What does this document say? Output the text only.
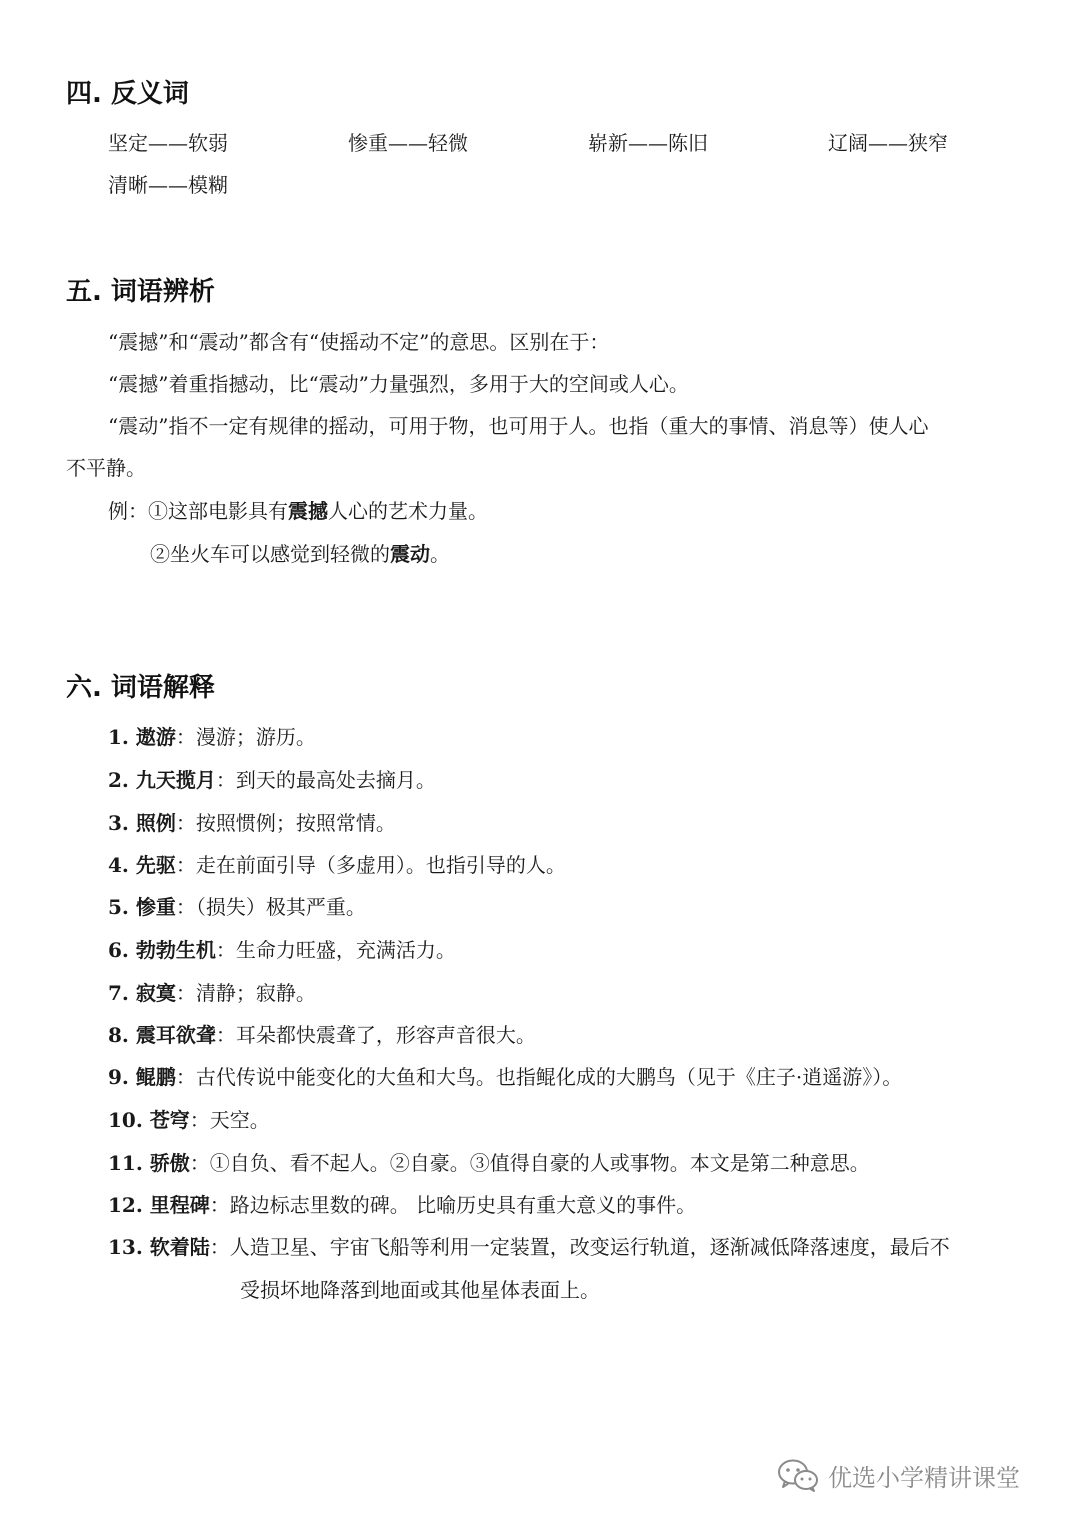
四. 反义词
坚定——软弱	惨重——轻微	崭新——陈旧	辽阔——狭窄
清晰——模糊
五. 词语辨析
“震撼”和“震动”都含有“使摇动不定”的意思。区别在于：
“震撼”着重指撼动，比“震动”力量强烈，多用于大的空间或人心。
“震动”指不一定有规律的摇动，可用于物，也可用于人。也指（重大的事情、消息等）使人心
不平静。
例：①这部电影具有震撼人心的艺术力量。
②坐火车可以感觉到轻微的震动。
六. 词语解释
1. 遨游：漫游；游历。
2. 九天揽月：到天的最高处去摘月。
3. 照例：按照惯例；按照常情。
4. 先驱：走在前面引导（多虚用）。也指引导的人。
5. 惨重：（损失）极其严重。
6. 勃勃生机：生命力旺盛，充满活力。
7. 寂寞：清静；寂静。
8. 震耳欲聋：耳朵都快震聋了，形容声音很大。
9. 鲲鹏：古代传说中能变化的大鱼和大鸟。也指鲲化成的大鹏鸟（见于《庄子·逍遥游》）。
10. 苍穹：天空。
11. 骄傲：①自负、看不起人。②自豪。③值得自豪的人或事物。本文是第二种意思。
12. 里程碑：路边标志里数的碑。 比喻历史具有重大意义的事件。
13. 软着陆：人造卫星、宇宙飞船等利用一定装置，改变运行轨道，逐渐减低降落速度，最后不
受损坏地降落到地面或其他星体表面上。
优选小学精讲课堂
